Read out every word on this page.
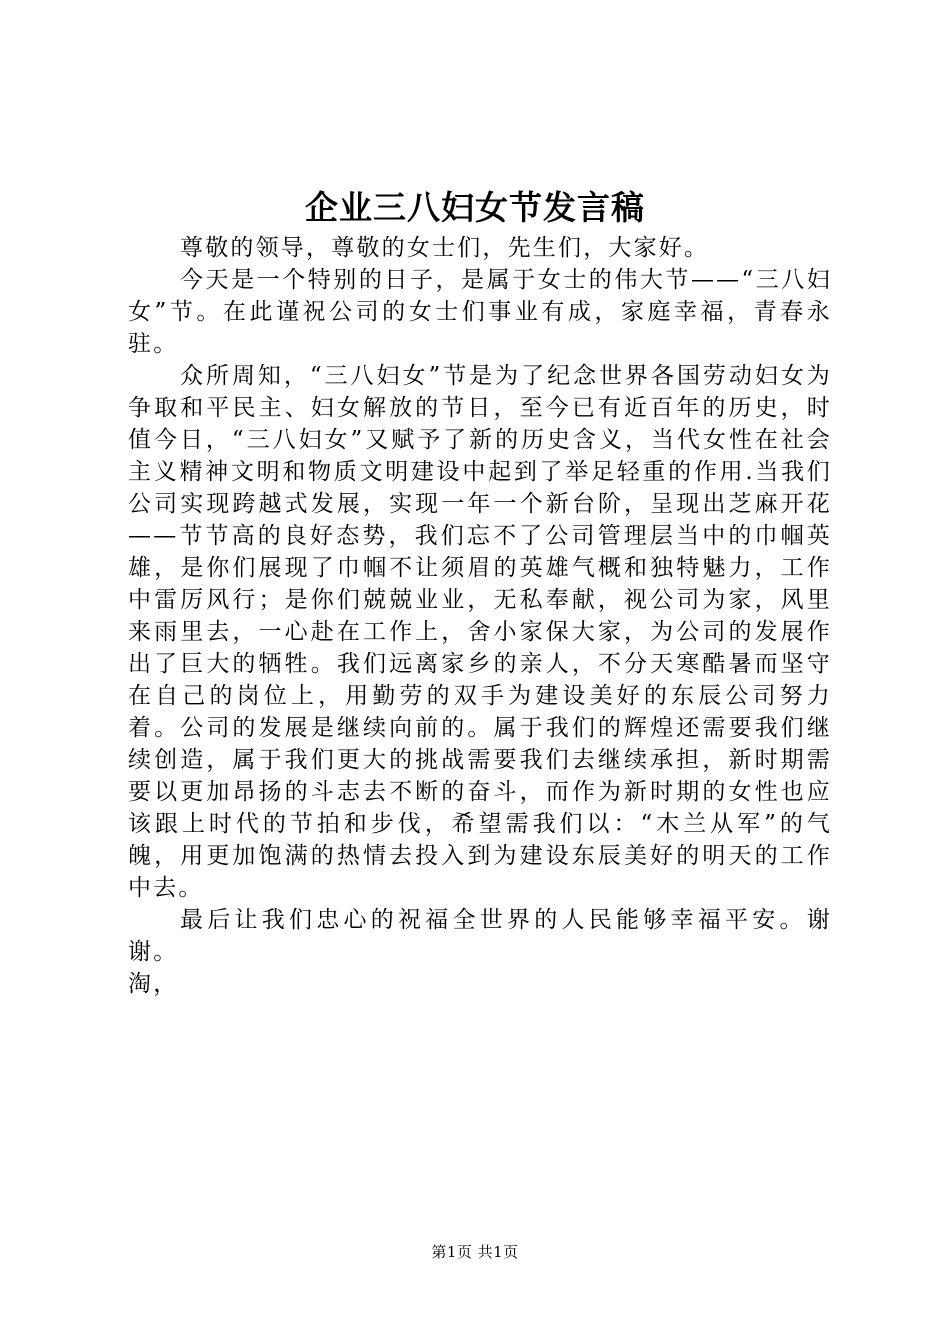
企业三八妇女节发言稿

尊敬的领导，尊敬的女士们，先生们，大家好。

今天是一个特别的日子，是属于女士的伟大节——“三八妇女”节。在此谨祝公司的女士们事业有成，家庭幸福，青春永驻。

众所周知，“三八妇女”节是为了纪念世界各国劳动妇女为争取和平民主、妇女解放的节日，至今已有近百年的历史，时值今日，“三八妇女”又赋予了新的历史含义，当代女性在社会主义精神文明和物质文明建设中起到了举足轻重的作用.当我们公司实现跨越式发展，实现一年一个新台阶，呈现出芝麻开花——节节高的良好态势，我们忘不了公司管理层当中的巾帼英雄，是你们展现了巾帼不让须眉的英雄气概和独特魅力，工作中雷厉风行；是你们兢兢业业，无私奉献，视公司为家，风里来雨里去，一心赴在工作上，舍小家保大家，为公司的发展作出了巨大的牺牲。我们远离家乡的亲人，不分天寒酷暑而坚守在自己的岗位上，用勤劳的双手为建设美好的东辰公司努力着。公司的发展是继续向前的。属于我们的辉煌还需要我们继续创造，属于我们更大的挑战需要我们去继续承担，新时期需要以更加昂扬的斗志去不断的奋斗，而作为新时期的女性也应该跟上时代的节拍和步伐，希望需我们以：“木兰从军”的气魄，用更加饱满的热情去投入到为建设东辰美好的明天的工作中去。

最后让我们忠心的祝福全世界的人民能够幸福平安。谢谢。

淘，

第1页 共1页
